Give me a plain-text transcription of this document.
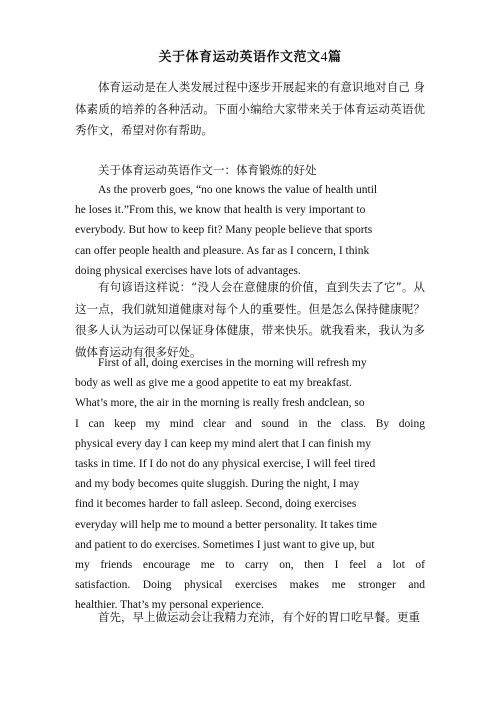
关于体育运动英语作文范文4篇

体育运动是在人类发展过程中逐步开展起来的有意识地对自己 身体素质的培养的各种活动。下面小编给大家带来关于体育运动英语优秀作文，希望对你有帮助。

关于体育运动英语作文一：体育锻炼的好处

As the proverb goes, “no one knows the value of health until
he loses it.”From this, we know that health is very important to
everybody. But how to keep fit? Many people believe that sports
can offer people health and pleasure. As far as I concern, I think
doing physical exercises have lots of advantages.

有句谚语这样说：“没人会在意健康的价值，直到失去了它”。从这一点，我们就知道健康对每个人的重要性。但是怎么保持健康呢？很多人认为运动可以保证身体健康，带来快乐。就我看来，我认为多做体育运动有很多好处。

First of all, doing exercises in the morning will refresh my
body as well as give me a good appetite to eat my breakfast.
What’s more, the air in the morning is really fresh andclean, so
I can keep my mind clear and sound in the class. By doing
physical every day I can keep my mind alert that I can finish my
tasks in time. If I do not do any physical exercise, I will feel tired
and my body becomes quite sluggish. During the night, I may
find it becomes harder to fall asleep. Second, doing exercises
everyday will help me to mound a better personality. It takes time
and patient to do exercises. Sometimes I just want to give up, but
my friends encourage me to carry on, then I feel a lot of
satisfaction. Doing physical exercises makes me stronger and
healthier. That’s my personal experience.

首先，早上做运动会让我精力充沛，有个好的胃口吃早餐。更重
